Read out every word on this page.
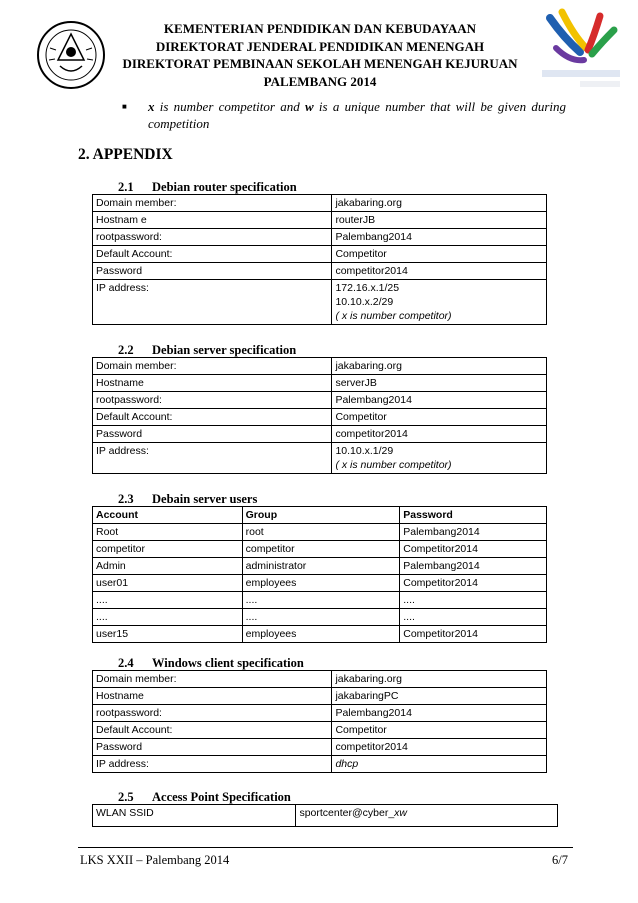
KEMENTERIAN PENDIDIKAN DAN KEBUDAYAAN
DIREKTORAT JENDERAL PENDIDIKAN MENENGAH
DIREKTORAT PEMBINAAN SEKOLAH MENENGAH KEJURUAN
PALEMBANG 2014
■ x is number competitor and w is a unique number that will be given during competition
2. APPENDIX
2.1 Debian router specification
Domain member:	jakabaring.org
Hostnam e	routerJB
rootpassword:	Palembang2014
Default Account:	Competitor
Password	competitor2014
IP address:	172.16.x.1/25
10.10.x.2/29
( x is number competitor)
2.2 Debian server specification
Domain member:	jakabaring.org
Hostname	serverJB
rootpassword:	Palembang2014
Default Account:	Competitor
Password	competitor2014
IP address:	10.10.x.1/29
( x is number competitor)
2.3 Debain server users
Account	Group	Password
Root	root	Palembang2014
competitor	competitor	Competitor2014
Admin	administrator	Palembang2014
user01	employees	Competitor2014
....	....	....
....	....	....
user15	employees	Competitor2014
2.4 Windows client specification
Domain member:	jakabaring.org
Hostname	jakabaringPC
rootpassword:	Palembang2014
Default Account:	Competitor
Password	competitor2014
IP address:	dhcp
2.5 Access Point Specification
WLAN SSID	sportcenter@cyber_xw
LKS XXII – Palembang 2014	6/7
